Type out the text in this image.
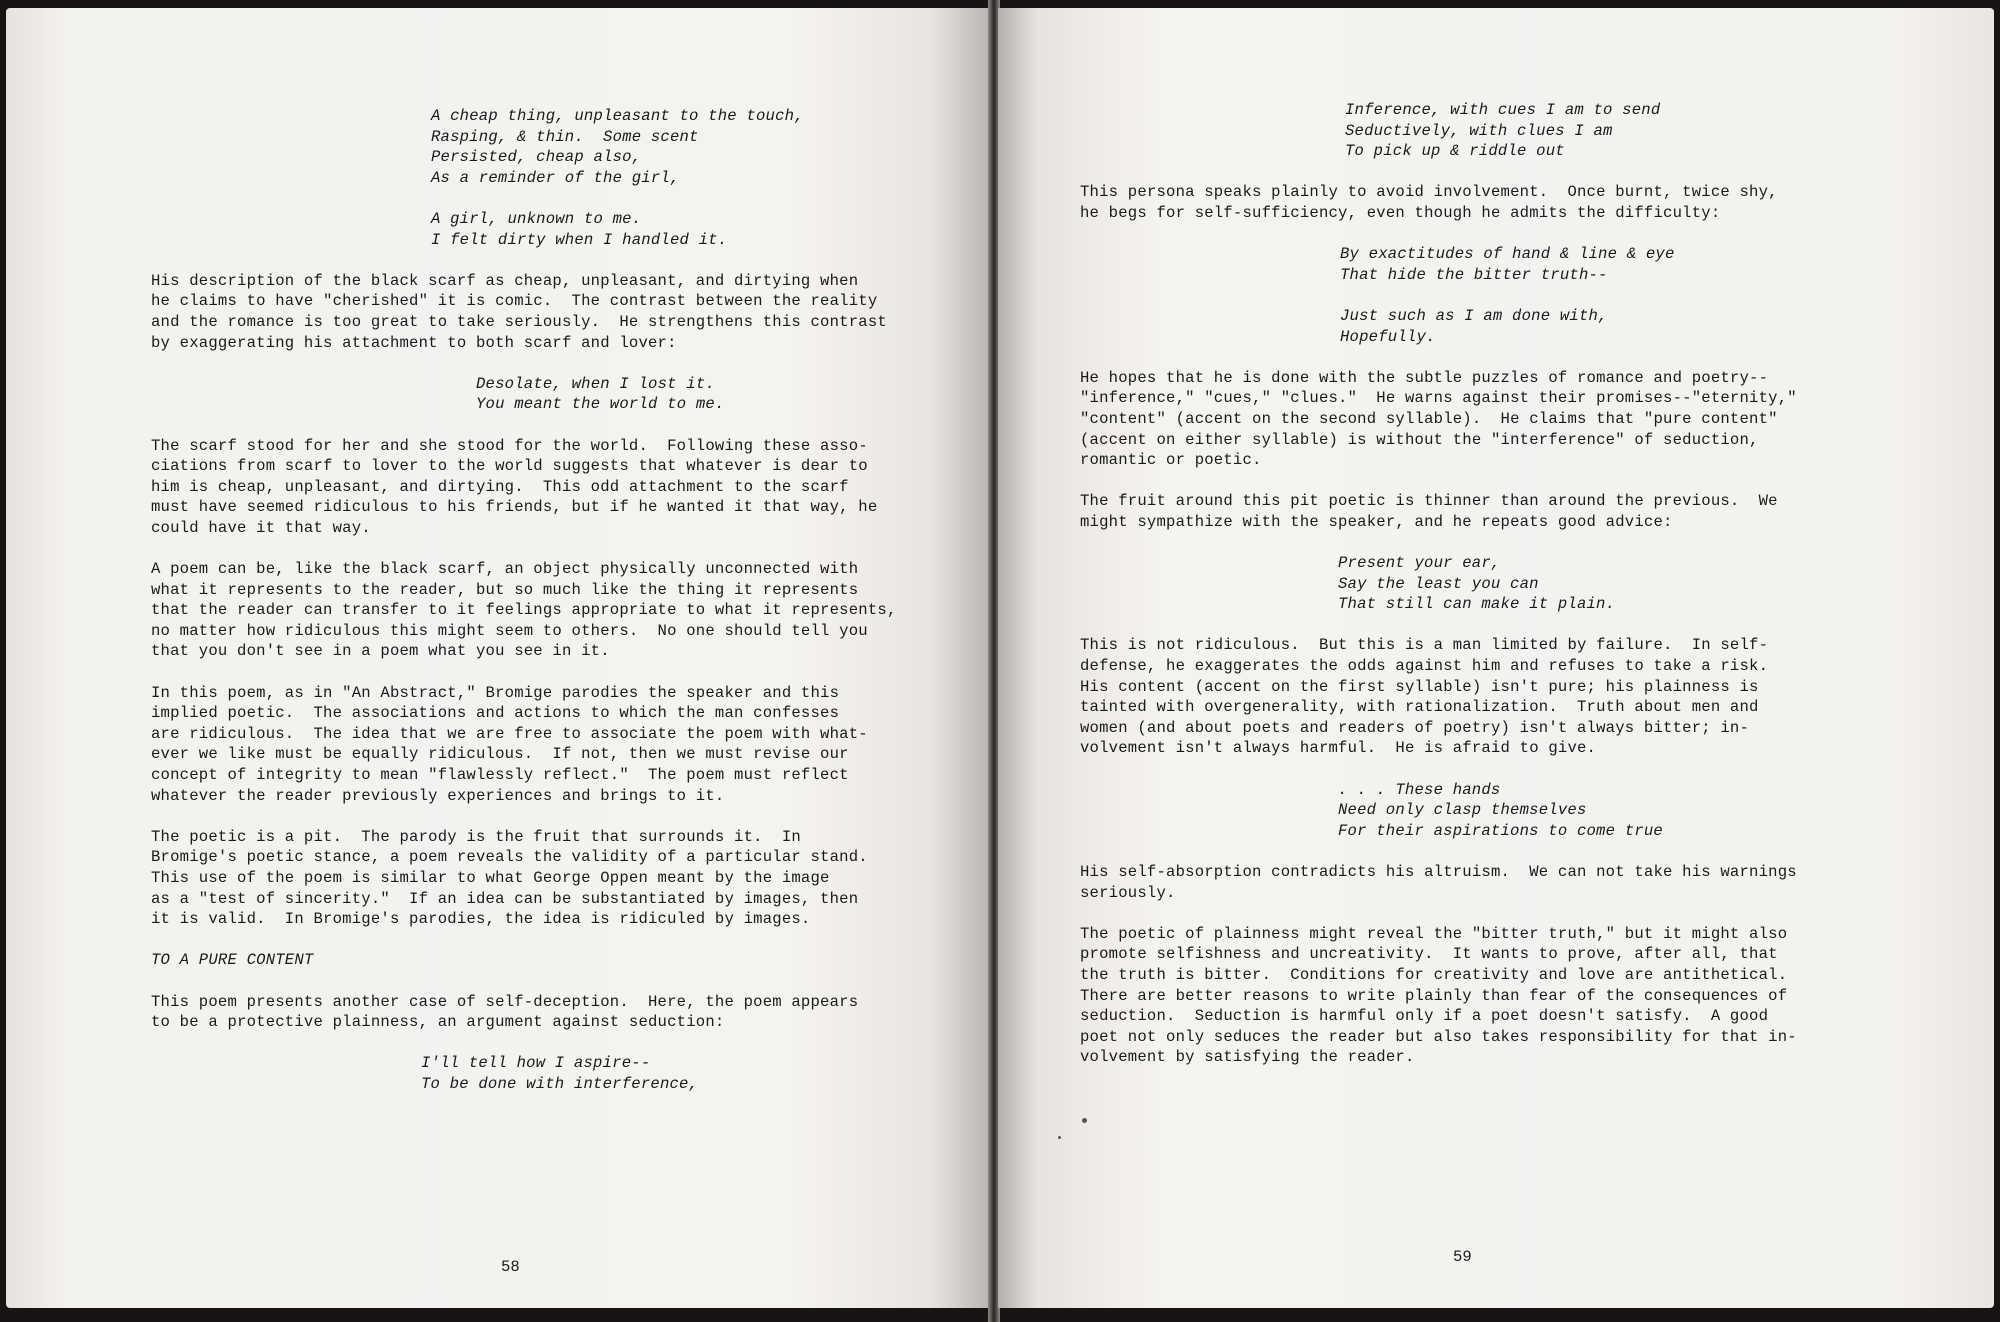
A cheap thing, unpleasant to the touch,
Rasping, & thin.  Some scent
Persisted, cheap also,
As a reminder of the girl,
A girl, unknown to me.
I felt dirty when I handled it.
His description of the black scarf as cheap, unpleasant, and dirtying when
he claims to have "cherished" it is comic.  The contrast between the reality
and the romance is too great to take seriously.  He strengthens this contrast
by exaggerating his attachment to both scarf and lover:
Desolate, when I lost it.
You meant the world to me.
The scarf stood for her and she stood for the world.  Following these asso-
ciations from scarf to lover to the world suggests that whatever is dear to
him is cheap, unpleasant, and dirtying.  This odd attachment to the scarf
must have seemed ridiculous to his friends, but if he wanted it that way, he
could have it that way.
A poem can be, like the black scarf, an object physically unconnected with
what it represents to the reader, but so much like the thing it represents
that the reader can transfer to it feelings appropriate to what it represents,
no matter how ridiculous this might seem to others.  No one should tell you
that you don't see in a poem what you see in it.
In this poem, as in "An Abstract," Bromige parodies the speaker and this
implied poetic.  The associations and actions to which the man confesses
are ridiculous.  The idea that we are free to associate the poem with what-
ever we like must be equally ridiculous.  If not, then we must revise our
concept of integrity to mean "flawlessly reflect."  The poem must reflect
whatever the reader previously experiences and brings to it.
The poetic is a pit.  The parody is the fruit that surrounds it.  In
Bromige's poetic stance, a poem reveals the validity of a particular stand.
This use of the poem is similar to what George Oppen meant by the image
as a "test of sincerity."  If an idea can be substantiated by images, then
it is valid.  In Bromige's parodies, the idea is ridiculed by images.
TO A PURE CONTENT
This poem presents another case of self-deception.  Here, the poem appears
to be a protective plainness, an argument against seduction:
I'll tell how I aspire--
To be done with interference,
58
Inference, with cues I am to send
Seductively, with clues I am
To pick up & riddle out
This persona speaks plainly to avoid involvement.  Once burnt, twice shy,
he begs for self-sufficiency, even though he admits the difficulty:
By exactitudes of hand & line & eye
That hide the bitter truth--
Just such as I am done with,
Hopefully.
He hopes that he is done with the subtle puzzles of romance and poetry--
"inference," "cues," "clues."  He warns against their promises--"eternity,"
"content" (accent on the second syllable).  He claims that "pure content"
(accent on either syllable) is without the "interference" of seduction,
romantic or poetic.
The fruit around this pit poetic is thinner than around the previous.  We
might sympathize with the speaker, and he repeats good advice:
Present your ear,
Say the least you can
That still can make it plain.
This is not ridiculous.  But this is a man limited by failure.  In self-
defense, he exaggerates the odds against him and refuses to take a risk.
His content (accent on the first syllable) isn't pure; his plainness is
tainted with overgenerality, with rationalization.  Truth about men and
women (and about poets and readers of poetry) isn't always bitter; in-
volvement isn't always harmful.  He is afraid to give.
. . . These hands
Need only clasp themselves
For their aspirations to come true
His self-absorption contradicts his altruism.  We can not take his warnings
seriously.
The poetic of plainness might reveal the "bitter truth," but it might also
promote selfishness and uncreativity.  It wants to prove, after all, that
the truth is bitter.  Conditions for creativity and love are antithetical.
There are better reasons to write plainly than fear of the consequences of
seduction.  Seduction is harmful only if a poet doesn't satisfy.  A good
poet not only seduces the reader but also takes responsibility for that in-
volvement by satisfying the reader.
59
